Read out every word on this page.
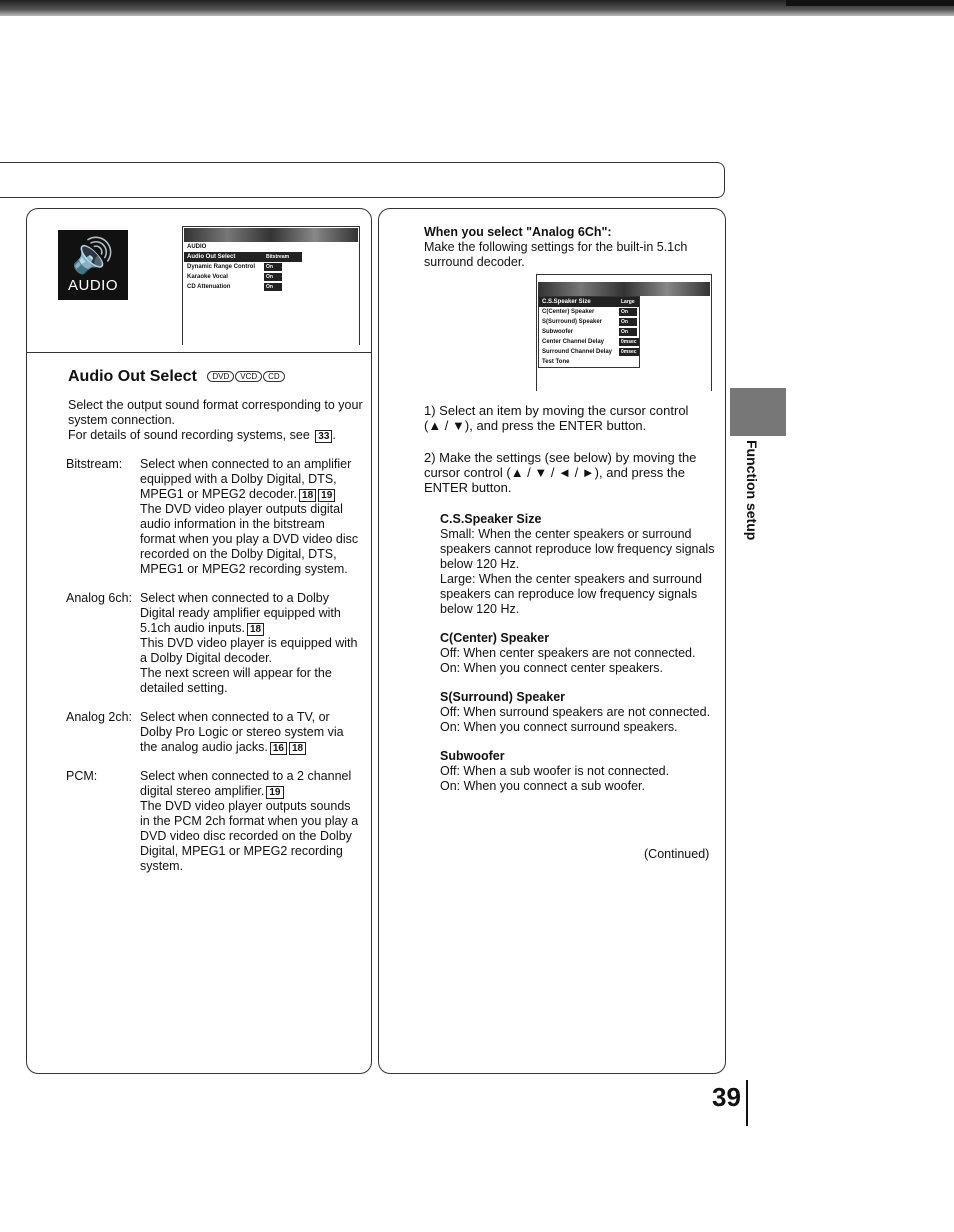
🔊
AUDIO
AUDIO
Audio Out Select	Bitstream
Dynamic Range Control	On
Karaoke Vocal	On
CD Attenuation	On
C.S.Speaker Size	Large
C(Center) Speaker	On
S(Surround) Speaker	On
Subwoofer	On
Center Channel Delay	0msec
Surround Channel Delay	0msec
Test Tone
Audio Out Select DVD VCD CD
Select the output sound format corresponding to your system connection.
For details of sound recording systems, see 33 .
Bitstream:	Select when connected to an amplifier equipped with a Dolby Digital, DTS, MPEG1 or MPEG2 decoder. 18 19
The DVD video player outputs digital audio information in the bitstream format when you play a DVD video disc recorded on the Dolby Digital, DTS, MPEG1 or MPEG2 recording system.
Analog 6ch: Select when connected to a Dolby Digital ready amplifier equipped with 5.1ch audio inputs. 18
This DVD video player is equipped with a Dolby Digital decoder.
The next screen will appear for the detailed setting.
Analog 2ch: Select when connected to a TV, or Dolby Pro Logic or stereo system via the analog audio jacks. 16 18
PCM:	Select when connected to a 2 channel digital stereo amplifier. 19
The DVD video player outputs sounds in the PCM 2ch format when you play a DVD video disc recorded on the Dolby Digital, MPEG1 or MPEG2 recording system.
When you select "Analog 6Ch":
Make the following settings for the built-in 5.1ch surround decoder.
1) Select an item by moving the cursor control (▲ / ▼), and press the ENTER button.
2) Make the settings (see below) by moving the cursor control (▲ / ▼ / ◄ / ►), and press the ENTER button.
C.S.Speaker Size
Small: When the center speakers or surround speakers cannot reproduce low frequency signals below 120 Hz.
Large: When the center speakers and surround speakers can reproduce low frequency signals below 120 Hz.
C(Center) Speaker
Off: When center speakers are not connected.
On: When you connect center speakers.
S(Surround) Speaker
Off: When surround speakers are not connected.
On: When you connect surround speakers.
Subwoofer
Off: When a sub woofer is not connected.
On: When you connect a sub woofer.
(Continued)
Function setup
39
